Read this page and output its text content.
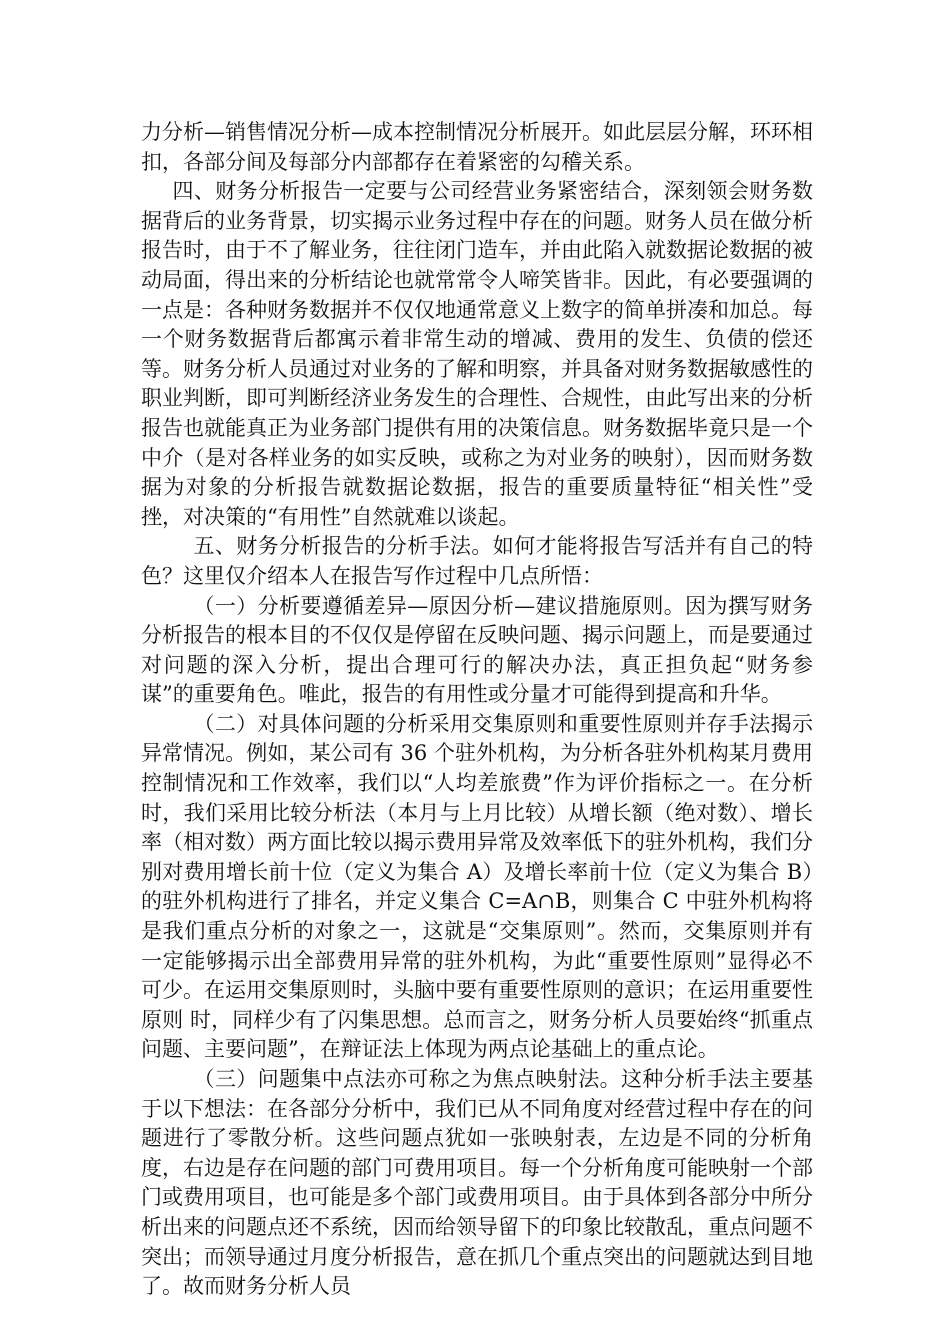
力分析—销售情况分析—成本控制情况分析展开。如此层层分解，环环相扣，各部分间及每部分内部都存在着紧密的勾稽关系。

四、财务分析报告一定要与公司经营业务紧密结合，深刻领会财务数据背后的业务背景，切实揭示业务过程中存在的问题。财务人员在做分析报告时，由于不了解业务，往往闭门造车，并由此陷入就数据论数据的被动局面，得出来的分析结论也就常常令人啼笑皆非。因此，有必要强调的一点是：各种财务数据并不仅仅地通常意义上数字的简单拼凑和加总。每一个财务数据背后都寓示着非常生动的增减、费用的发生、负债的偿还等。财务分析人员通过对业务的了解和明察，并具备对财务数据敏感性的职业判断，即可判断经济业务发生的合理性、合规性，由此写出来的分析报告也就能真正为业务部门提供有用的决策信息。财务数据毕竟只是一个中介（是对各样业务的如实反映，或称之为对业务的映射），因而财务数据为对象的分析报告就数据论数据，报告的重要质量特征“相关性”受挫，对决策的“有用性”自然就难以谈起。

五、财务分析报告的分析手法。如何才能将报告写活并有自己的特色？这里仅介绍本人在报告写作过程中几点所悟：

（一）分析要遵循差异—原因分析—建议措施原则。因为撰写财务分析报告的根本目的不仅仅是停留在反映问题、揭示问题上，而是要通过对问题的深入分析，提出合理可行的解决办法，真正担负起“财务参谋”的重要角色。唯此，报告的有用性或分量才可能得到提高和升华。

（二）对具体问题的分析采用交集原则和重要性原则并存手法揭示异常情况。例如，某公司有 36 个驻外机构，为分析各驻外机构某月费用控制情况和工作效率，我们以“人均差旅费”作为评价指标之一。在分析时，我们采用比较分析法（本月与上月比较）从增长额（绝对数）、增长率（相对数）两方面比较以揭示费用异常及效率低下的驻外机构，我们分别对费用增长前十位（定义为集合 A）及增长率前十位（定义为集合 B）的驻外机构进行了排名，并定义集合 C=A∩B，则集合 C 中驻外机构将是我们重点分析的对象之一，这就是“交集原则”。然而，交集原则并有一定能够揭示出全部费用异常的驻外机构，为此“重要性原则”显得必不可少。在运用交集原则时，头脑中要有重要性原则的意识；在运用重要性原则 时，同样少有了闪集思想。总而言之，财务分析人员要始终“抓重点问题、主要问题”，在辩证法上体现为两点论基础上的重点论。

（三）问题集中点法亦可称之为焦点映射法。这种分析手法主要基于以下想法：在各部分分析中，我们已从不同角度对经营过程中存在的问题进行了零散分析。这些问题点犹如一张映射表，左边是不同的分析角度，右边是存在问题的部门可费用项目。每一个分析角度可能映射一个部门或费用项目，也可能是多个部门或费用项目。由于具体到各部分中所分析出来的问题点还不系统，因而给领导留下的印象比较散乱，重点问题不突出；而领导通过月度分析报告，意在抓几个重点突出的问题就达到目地了。故而财务分析人员
